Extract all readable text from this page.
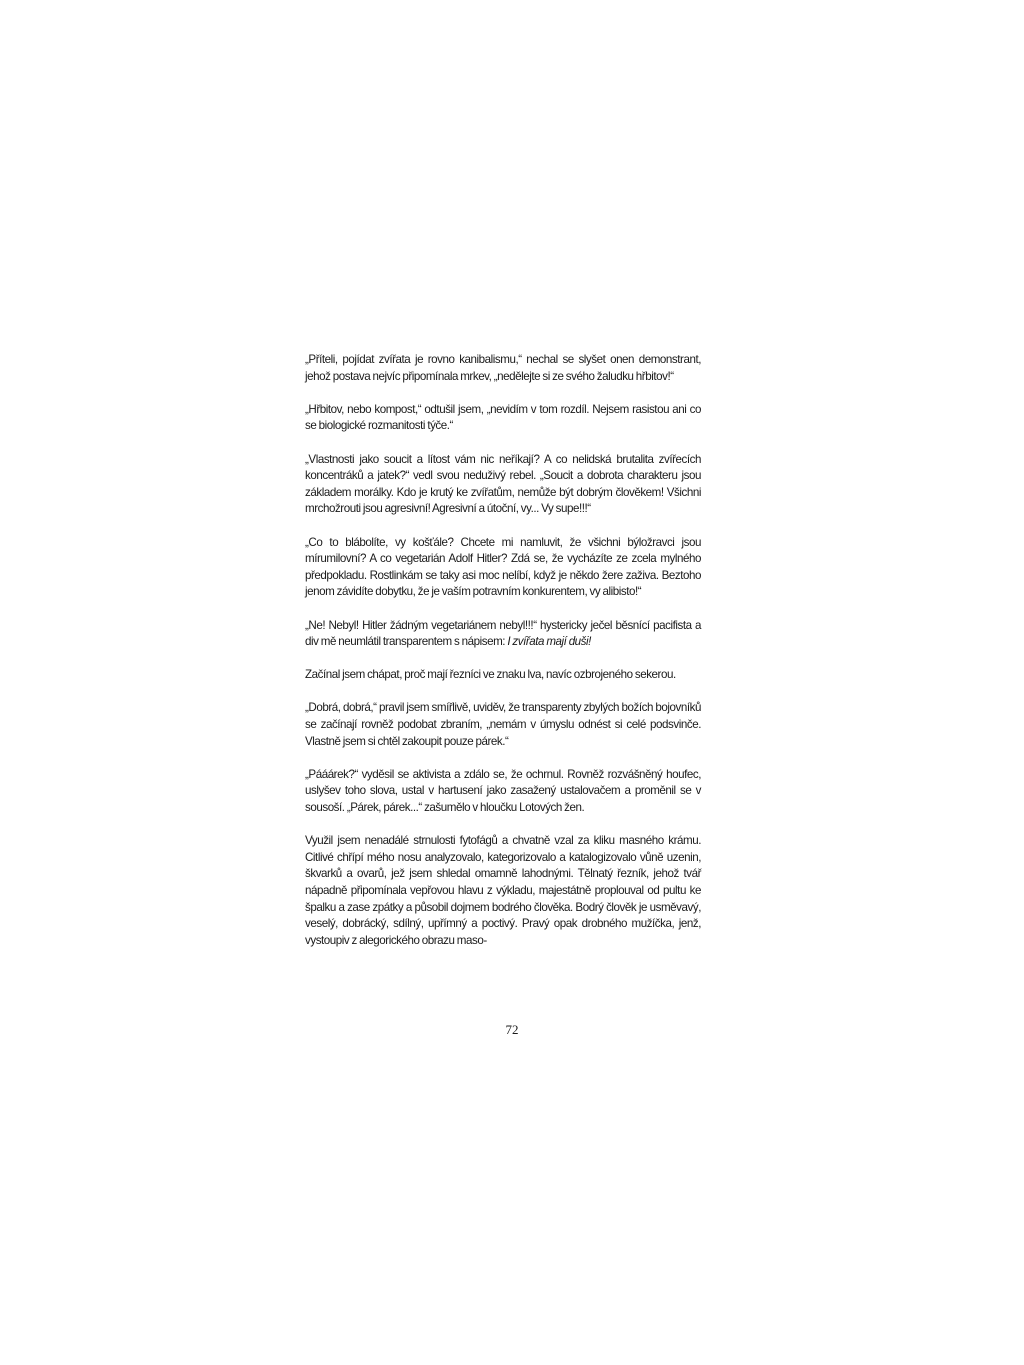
„Příteli, pojídat zvířata je rovno kanibalismu,“ nechal se slyšet onen demonstrant, jehož postava nejvíc připomínala mrkev, „nedělejte si ze svého žaludku hřbitov!“

„Hřbitov, nebo kompost,“ odtušil jsem, „nevidím v tom rozdíl. Nejsem rasistou ani co se biologické rozmanitosti týče.“

„Vlastnosti jako soucit a lítost vám nic neříkají? A co nelidská brutalita zvířecích koncentráků a jatek?“ vedl svou neduživý rebel. „Soucit a dobrota charakteru jsou základem morálky. Kdo je krutý ke zvířatům, nemůže být dobrým člověkem! Všichni mrchožrouti jsou agresivní! Agresivní a útoční, vy... Vy supe!!!“

„Co to blábolíte, vy košťále? Chcete mi namluvit, že všichni býložravci jsou mírumilovní? A co vegetarián Adolf Hitler? Zdá se, že vycházíte ze zcela mylného předpokladu. Rostlinkám se taky asi moc nelíbí, když je někdo žere zaživa. Beztoho jenom závidíte dobytku, že je vaším potravním konkurentem, vy alibisto!“

„Ne! Nebyl! Hitler žádným vegetariánem nebyl!!!“ hystericky ječel běsnící pacifista a div mě neumlátil transparentem s nápisem: I zvířata mají duši!

Začínal jsem chápat, proč mají řezníci ve znaku lva, navíc ozbrojeného sekerou.

„Dobrá, dobrá,“ pravil jsem smířlivě, uviděv, že transparenty zbylých božích bojovníků se začínají rovněž podobat zbraním, „nemám v úmyslu odnést si celé podsvinče. Vlastně jsem si chtěl zakoupit pouze párek.“

„Pááárek?“ vyděsil se aktivista a zdálo se, že ochrnul. Rovněž rozvášněný houfec, uslyšev toho slova, ustal v hartusení jako zasažený ustalovačem a proměnil se v sousoší. „Párek, párek...“ zašumělo v hloučku Lotových žen.

Využil jsem nenadálé strnulosti fytofágů a chvatně vzal za kliku masného krámu. Citlivé chřípí mého nosu analyzovalo, kategorizovalo a katalogizovalo vůně uzenin, škvarků a ovarů, jež jsem shledal omamně lahodnými. Tělnatý řezník, jehož tvář nápadně připomínala vepřovou hlavu z výkladu, majestátně proplouval od pultu ke špalku a zase zpátky a působil dojmem bodrého člověka. Bodrý člověk je usměvavý, veselý, dobrácký, sdílný, upřímný a poctivý. Pravý opak drobného mužíčka, jenž, vystoupiv z alegorického obrazu maso-

72
